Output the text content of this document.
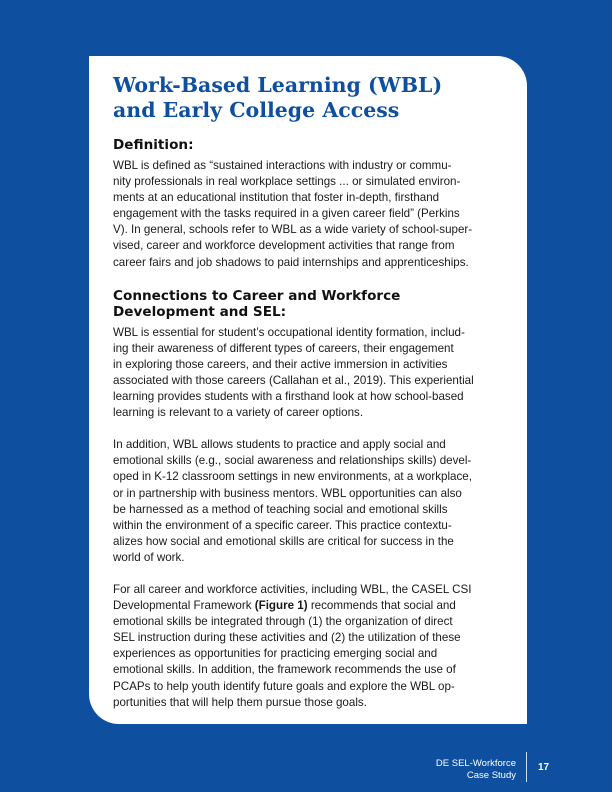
Work-Based Learning (WBL)
and Early College Access
Definition:

WBL is defined as “sustained interactions with industry or commu-
nity professionals in real workplace settings ... or simulated environ-
ments at an educational institution that foster in-depth, firsthand
engagement with the tasks required in a given career field” (Perkins
V). In general, schools refer to WBL as a wide variety of school-super-
vised, career and workforce development activities that range from
career fairs and job shadows to paid internships and apprenticeships.

Connections to Career and Workforce
Development and SEL:

WBL is essential for student’s occupational identity formation, includ-
ing their awareness of different types of careers, their engagement
in exploring those careers, and their active immersion in activities
associated with those careers (Callahan et al., 2019). This experiential
learning provides students with a firsthand look at how school-based
learning is relevant to a variety of career options.

In addition, WBL allows students to practice and apply social and
emotional skills (e.g., social awareness and relationships skills) devel-
oped in K-12 classroom settings in new environments, at a workplace,
or in partnership with business mentors. WBL opportunities can also
be harnessed as a method of teaching social and emotional skills
within the environment of a specific career. This practice contextu-
alizes how social and emotional skills are critical for success in the
world of work.

For all career and workforce activities, including WBL, the CASEL CSI
Developmental Framework (Figure 1) recommends that social and
emotional skills be integrated through (1) the organization of direct
SEL instruction during these activities and (2) the utilization of these
experiences as opportunities for practicing emerging social and
emotional skills. In addition, the framework recommends the use of
PCAPs to help youth identify future goals and explore the WBL op-
portunities that will help them pursue those goals.

DE SEL-Workforce
Case Study
17
